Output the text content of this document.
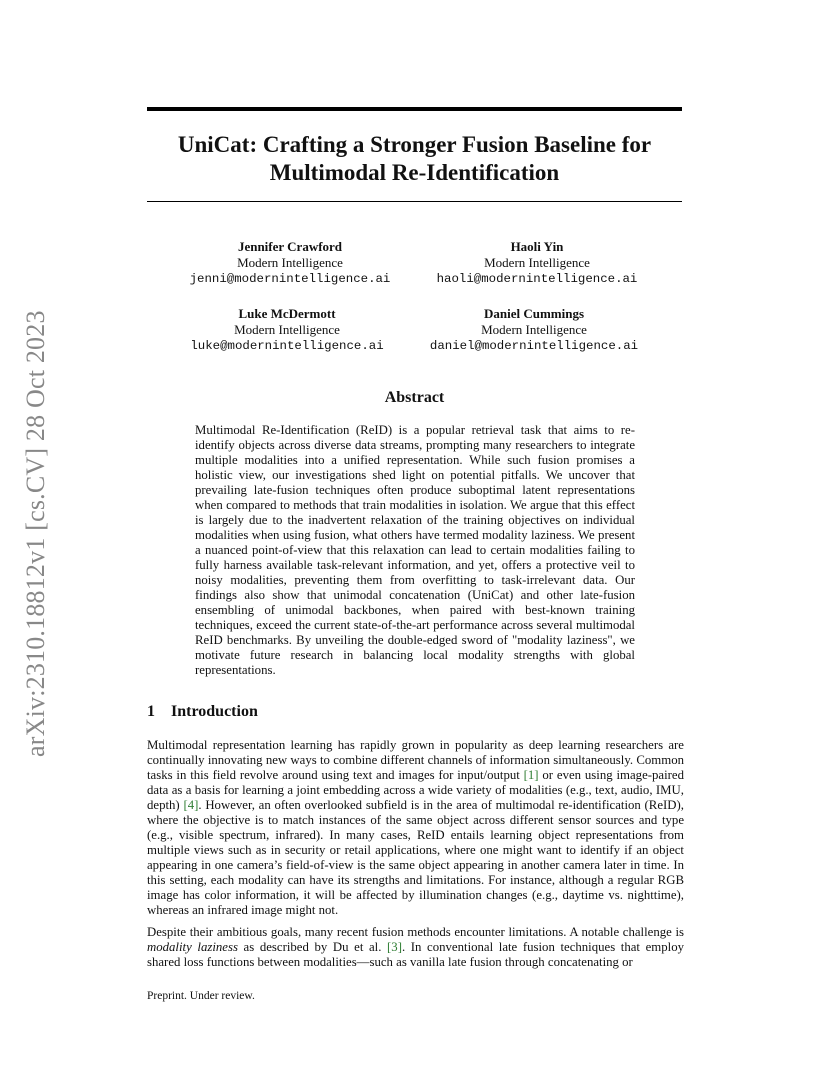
UniCat: Crafting a Stronger Fusion Baseline for
Multimodal Re-Identification
arXiv:2310.18812v1 [cs.CV] 28 Oct 2023
Jennifer Crawford
Modern Intelligence
jenni@modernintelligence.ai
Haoli Yin
Modern Intelligence
haoli@modernintelligence.ai
Luke McDermott
Modern Intelligence
luke@modernintelligence.ai
Daniel Cummings
Modern Intelligence
daniel@modernintelligence.ai
Abstract
Multimodal Re-Identification (ReID) is a popular retrieval task that aims to re-identify objects across diverse data streams, prompting many researchers to integrate multiple modalities into a unified representation. While such fusion promises a holistic view, our investigations shed light on potential pitfalls. We uncover that prevailing late-fusion techniques often produce suboptimal latent representations when compared to methods that train modalities in isolation. We argue that this effect is largely due to the inadvertent relaxation of the training objectives on individual modalities when using fusion, what others have termed modality laziness. We present a nuanced point-of-view that this relaxation can lead to certain modalities failing to fully harness available task-relevant information, and yet, offers a protective veil to noisy modalities, preventing them from overfitting to task-irrelevant data. Our findings also show that unimodal concatenation (UniCat) and other late-fusion ensembling of unimodal backbones, when paired with best-known training techniques, exceed the current state-of-the-art performance across several multimodal ReID benchmarks. By unveiling the double-edged sword of "modality laziness", we motivate future research in balancing local modality strengths with global representations.
1 Introduction

Multimodal representation learning has rapidly grown in popularity as deep learning researchers are continually innovating new ways to combine different channels of information simultaneously. Common tasks in this field revolve around using text and images for input/output [1] or even using image-paired data as a basis for learning a joint embedding across a wide variety of modalities (e.g., text, audio, IMU, depth) [4]. However, an often overlooked subfield is in the area of multimodal re-identification (ReID), where the objective is to match instances of the same object across different sensor sources and type (e.g., visible spectrum, infrared). In many cases, ReID entails learning object representations from multiple views such as in security or retail applications, where one might want to identify if an object appearing in one camera’s field-of-view is the same object appearing in another camera later in time. In this setting, each modality can have its strengths and limitations. For instance, although a regular RGB image has color information, it will be affected by illumination changes (e.g., daytime vs. nighttime), whereas an infrared image might not.

Despite their ambitious goals, many recent fusion methods encounter limitations. A notable challenge is modality laziness as described by Du et al. [3]. In conventional late fusion techniques that employ shared loss functions between modalities—such as vanilla late fusion through concatenating or

Preprint. Under review.
